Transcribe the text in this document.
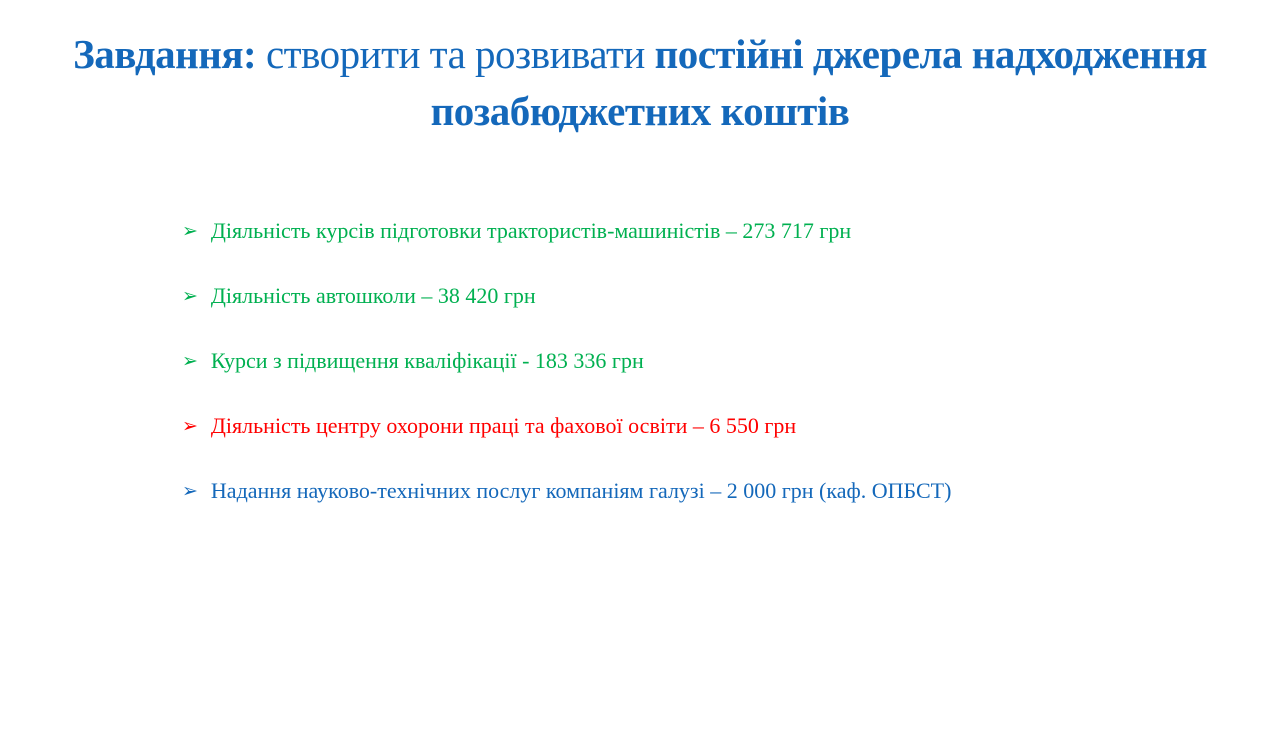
Завдання: створити та розвивати постійні джерела надходження позабюджетних коштів
➢ Діяльність курсів підготовки трактористів-машиністів – 273 717 грн
➢ Діяльність автошколи – 38 420 грн
➢ Курси з підвищення кваліфікації - 183 336 грн
➢ Діяльність центру охорони праці та фахової освіти – 6 550 грн
➢ Надання науково-технічних послуг компаніям галузі – 2 000 грн (каф. ОПБСТ)
